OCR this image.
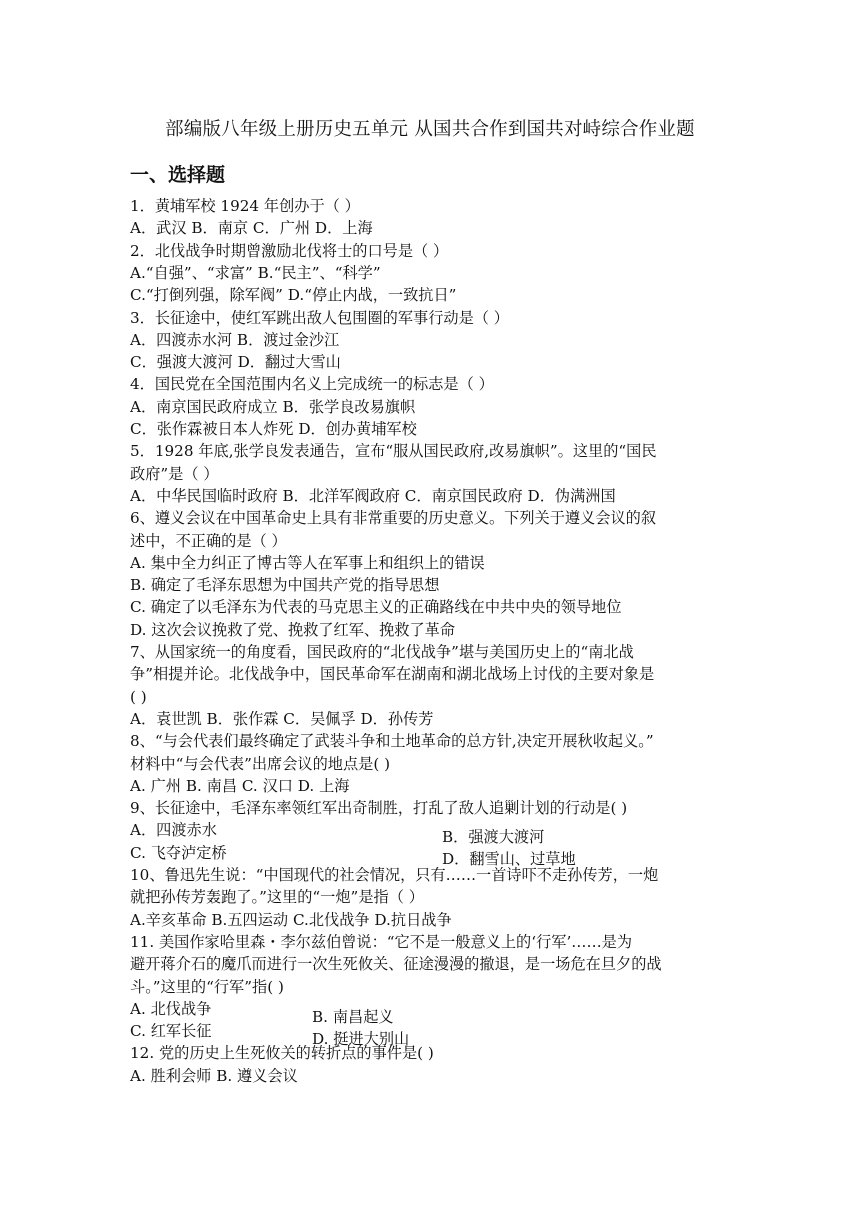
部编版八年级上册历史五单元 从国共合作到国共对峙综合作业题
一、选择题
1．黄埔军校 1924 年创办于（ ）
A．武汉 B．南京 C．广州 D．上海
2．北伐战争时期曾激励北伐将士的口号是（ ）
A.“自强”、“求富” B.“民主”、“科学”
C.“打倒列强，除军阀” D.“停止内战，一致抗日”
3．长征途中，使红军跳出敌人包围圈的军事行动是（ ）
A．四渡赤水河 B．渡过金沙江
C．强渡大渡河 D．翻过大雪山
4．国民党在全国范围内名义上完成统一的标志是（ ）
A．南京国民政府成立 B．张学良改易旗帜
C．张作霖被日本人炸死 D．创办黄埔军校
5．1928 年底,张学良发表通告，宣布“服从国民政府,改易旗帜”。这里的“国民
政府”是（ ）
A．中华民国临时政府 B．北洋军阀政府 C．南京国民政府 D．伪满洲国
6、遵义会议在中国革命史上具有非常重要的历史意义。下列关于遵义会议的叙
述中，不正确的是（ ）
A. 集中全力纠正了博古等人在军事上和组织上的错误
B. 确定了毛泽东思想为中国共产党的指导思想
C. 确定了以毛泽东为代表的马克思主义的正确路线在中共中央的领导地位
D. 这次会议挽救了党、挽救了红军、挽救了革命
7、从国家统一的角度看，国民政府的“北伐战争”堪与美国历史上的“南北战
争”相提并论。北伐战争中，国民革命军在湖南和湖北战场上讨伐的主要对象是
( )
A．袁世凯 B．张作霖 C．吴佩孚 D．孙传芳
8、“与会代表们最终确定了武装斗争和土地革命的总方针,决定开展秋收起义。”
材料中“与会代表”出席会议的地点是( )
A. 广州 B. 南昌 C. 汉口 D. 上海
9、长征途中，毛泽东率领红军出奇制胜，打乱了敌人追剿计划的行动是( )
A．四渡赤水
C. 飞夺泸定桥
10、鲁迅先生说：“中国现代的社会情况，只有……一首诗吓不走孙传芳，一炮
就把孙传芳轰跑了。”这里的“一炮”是指（ ）
A.辛亥革命 B.五四运动 C.北伐战争 D.抗日战争
11. 美国作家哈里森・李尔兹伯曾说：“它不是一般意义上的‘行军’……是为
避开蒋介石的魔爪而进行一次生死攸关、征途漫漫的撤退，是一场危在旦夕的战
斗。”这里的“行军”指( )
A. 北伐战争
C. 红军长征
12. 党的历史上生死攸关的转折点的事件是( )
A. 胜利会师 B. 遵义会议
B．强渡大渡河
D．翻雪山、过草地
B. 南昌起义
D. 挺进大别山
